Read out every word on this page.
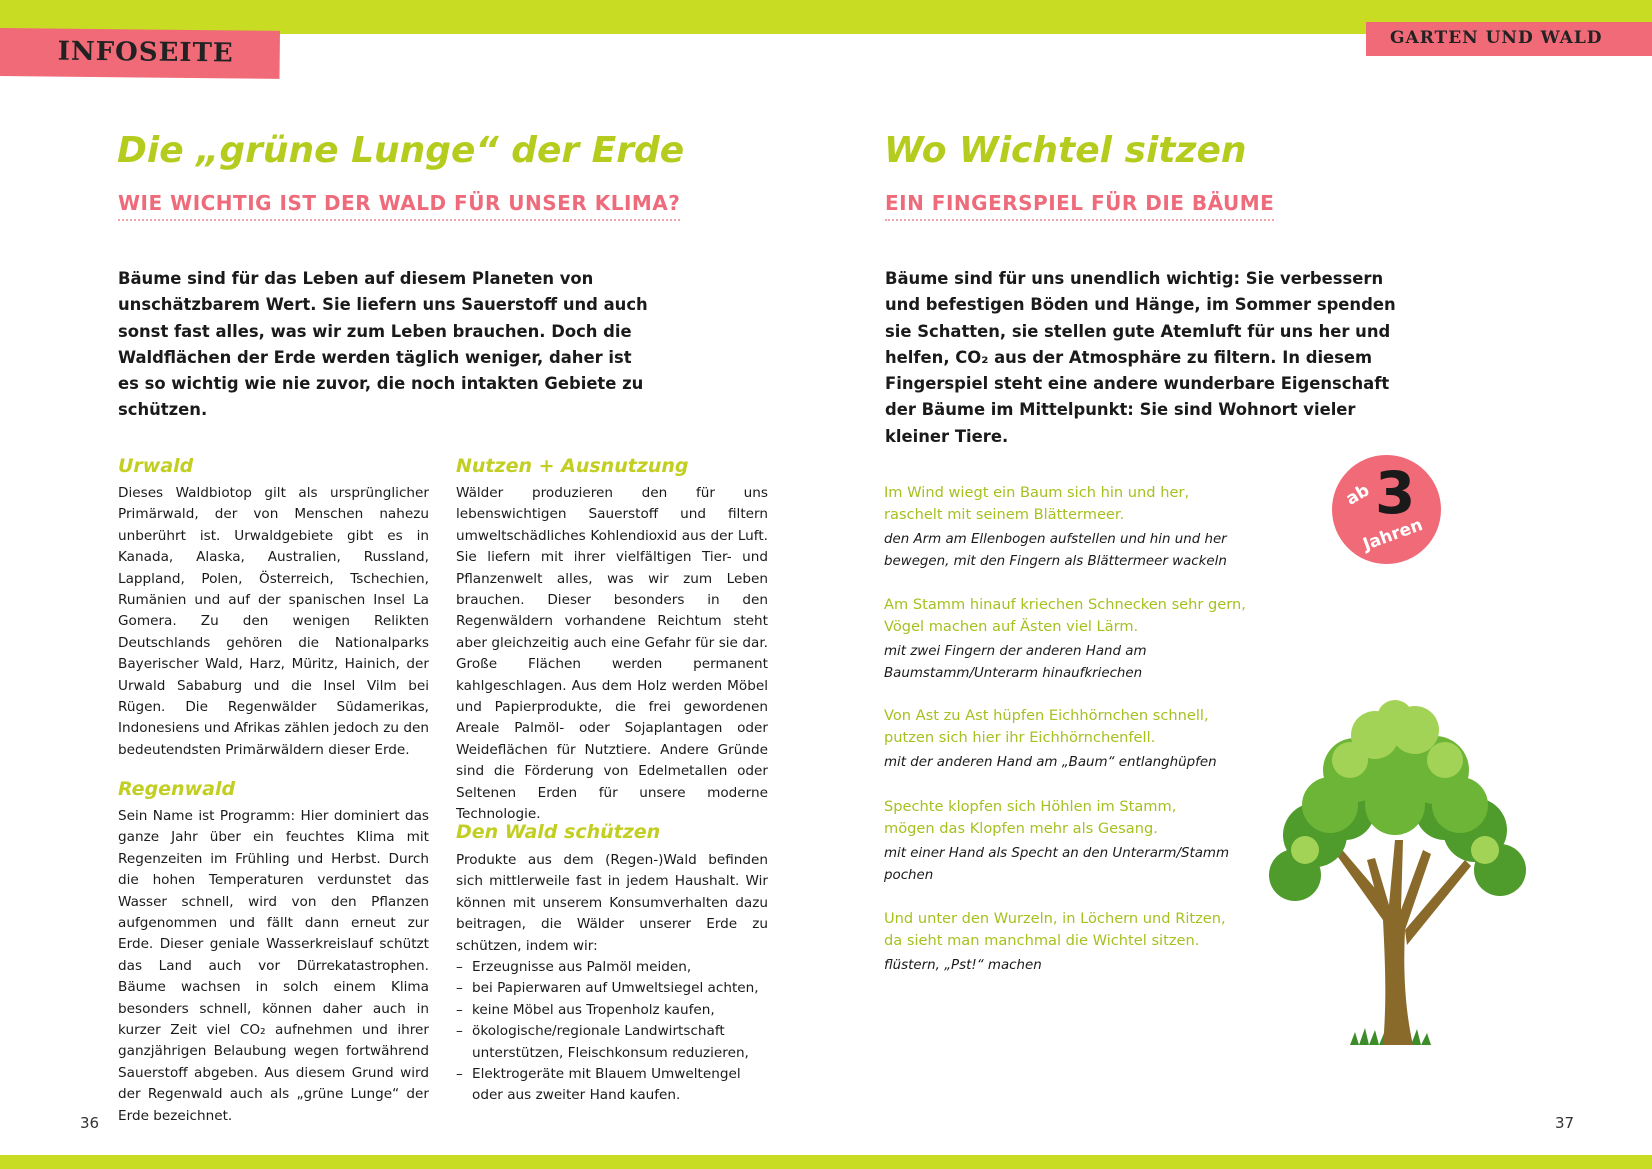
INFOSEITE	GARTEN UND WALD
Die „grüne Lunge“ der Erde
WIE WICHTIG IST DER WALD FÜR UNSER KLIMA?

Bäume sind für das Leben auf diesem Planeten von unschätzbarem Wert. Sie liefern uns Sauerstoff und auch sonst fast alles, was wir zum Leben brauchen. Doch die Waldflächen der Erde werden täglich weniger, daher ist es so wichtig wie nie zuvor, die noch intakten Gebiete zu schützen.

Urwald

Dieses Waldbiotop gilt als ursprünglicher Primärwald, der von Menschen nahezu unberührt ist. Urwaldgebiete gibt es in Kanada, Alaska, Australien, Russland, Lappland, Polen, Österreich, Tschechien, Rumänien und auf der spanischen Insel La Gomera. Zu den wenigen Relikten Deutschlands gehören die Nationalparks Bayerischer Wald, Harz, Müritz, Hainich, der Urwald Sababurg und die Insel Vilm bei Rügen. Die Regenwälder Südamerikas, Indonesiens und Afrikas zählen jedoch zu den bedeutendsten Primärwäldern dieser Erde.

Regenwald

Sein Name ist Programm: Hier dominiert das ganze Jahr über ein feuchtes Klima mit Regenzeiten im Frühling und Herbst. Durch die hohen Temperaturen verdunstet das Wasser schnell, wird von den Pflanzen aufgenommen und fällt dann erneut zur Erde. Dieser geniale Wasserkreislauf schützt das Land auch vor Dürrekatastrophen. Bäume wachsen in solch einem Klima besonders schnell, können daher auch in kurzer Zeit viel CO₂ aufnehmen und ihrer ganzjährigen Belaubung wegen fortwährend Sauerstoff abgeben. Aus diesem Grund wird der Regenwald auch als „grüne Lunge“ der Erde bezeichnet.

Nutzen + Ausnutzung

Wälder produzieren den für uns lebenswichtigen Sauerstoff und filtern umweltschädliches Kohlendioxid aus der Luft. Sie liefern mit ihrer vielfältigen Tier- und Pflanzenwelt alles, was wir zum Leben brauchen. Dieser besonders in den Regenwäldern vorhandene Reichtum steht aber gleichzeitig auch eine Gefahr für sie dar. Große Flächen werden permanent kahlgeschlagen. Aus dem Holz werden Möbel und Papierprodukte, die frei gewordenen Areale Palmöl- oder Sojaplantagen oder Weideflächen für Nutztiere. Andere Gründe sind die Förderung von Edelmetallen oder Seltenen Erden für unsere moderne Technologie.

Den Wald schützen

Produkte aus dem (Regen-)Wald befinden sich mittlerweile fast in jedem Haushalt. Wir können mit unserem Konsumverhalten dazu beitragen, die Wälder unserer Erde zu schützen, indem wir:

– Erzeugnisse aus Palmöl meiden,
– bei Papierwaren auf Umweltsiegel achten,
– keine Möbel aus Tropenholz kaufen,
– ökologische/regionale Landwirtschaft unterstützen, Fleischkonsum reduzieren,
– Elektrogeräte mit Blauem Umweltengel oder aus zweiter Hand kaufen.
36
Wo Wichtel sitzen
EIN FINGERSPIEL FÜR DIE BÄUME

Bäume sind für uns unendlich wichtig: Sie verbessern und befestigen Böden und Hänge, im Sommer spenden sie Schatten, sie stellen gute Atemluft für uns her und helfen, CO₂ aus der Atmosphäre zu filtern. In diesem Fingerspiel steht eine andere wunderbare Eigenschaft der Bäume im Mittelpunkt: Sie sind Wohnort vieler kleiner Tiere.

Im Wind wiegt ein Baum sich hin und her,
raschelt mit seinem Blättermeer.

den Arm am Ellenbogen aufstellen und hin und her bewegen, mit den Fingern als Blättermeer wackeln

Am Stamm hinauf kriechen Schnecken sehr gern,
Vögel machen auf Ästen viel Lärm.

mit zwei Fingern der anderen Hand am Baumstamm/Unterarm hinaufkriechen

Von Ast zu Ast hüpfen Eichhörnchen schnell,
putzen sich hier ihr Eichhörnchenfell.

mit der anderen Hand am „Baum“ entlanghüpfen

Spechte klopfen sich Höhlen im Stamm,
mögen das Klopfen mehr als Gesang.

mit einer Hand als Specht an den Unterarm/Stamm pochen

Und unter den Wurzeln, in Löchern und Ritzen,
da sieht man manchmal die Wichtel sitzen.

flüstern, „Pst!“ machen

ab 3
Jahren
37
